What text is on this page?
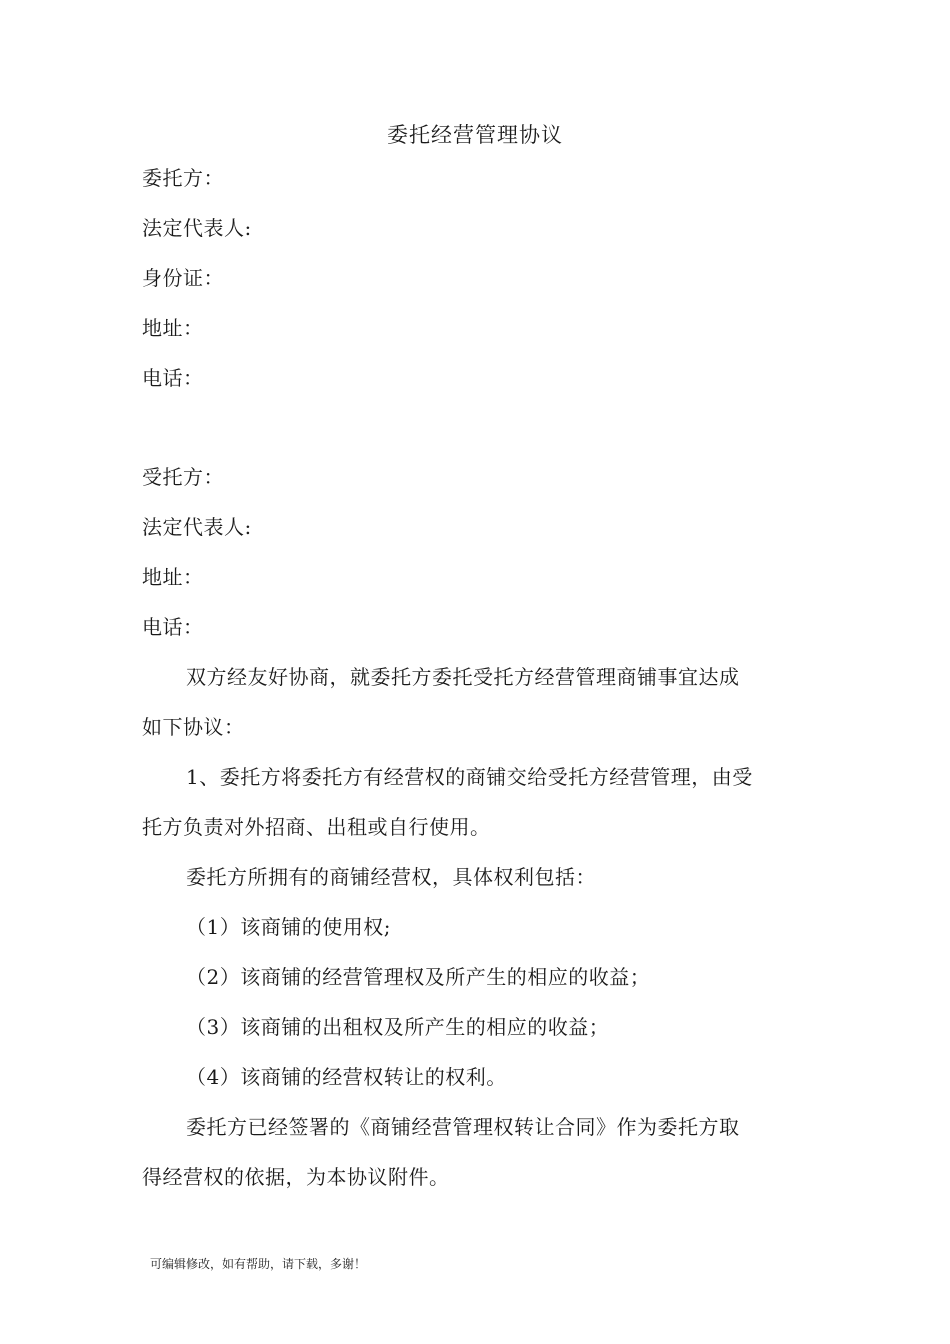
委托经营管理协议
委托方：
法定代表人:
身份证：
地址：
电话：
受托方：
法定代表人:
地址：
电话：
双方经友好协商，就委托方委托受托方经营管理商铺事宜达成
如下协议：
1、委托方将委托方有经营权的商铺交给受托方经营管理，由受
托方负责对外招商、出租或自行使用。
委托方所拥有的商铺经营权，具体权利包括：
（1）该商铺的使用权;
（2）该商铺的经营管理权及所产生的相应的收益；
（3）该商铺的出租权及所产生的相应的收益；
（4）该商铺的经营权转让的权利。
委托方已经签署的《商铺经营管理权转让合同》作为委托方取
得经营权的依据，为本协议附件。
可编辑修改，如有帮助，请下载，多谢！
